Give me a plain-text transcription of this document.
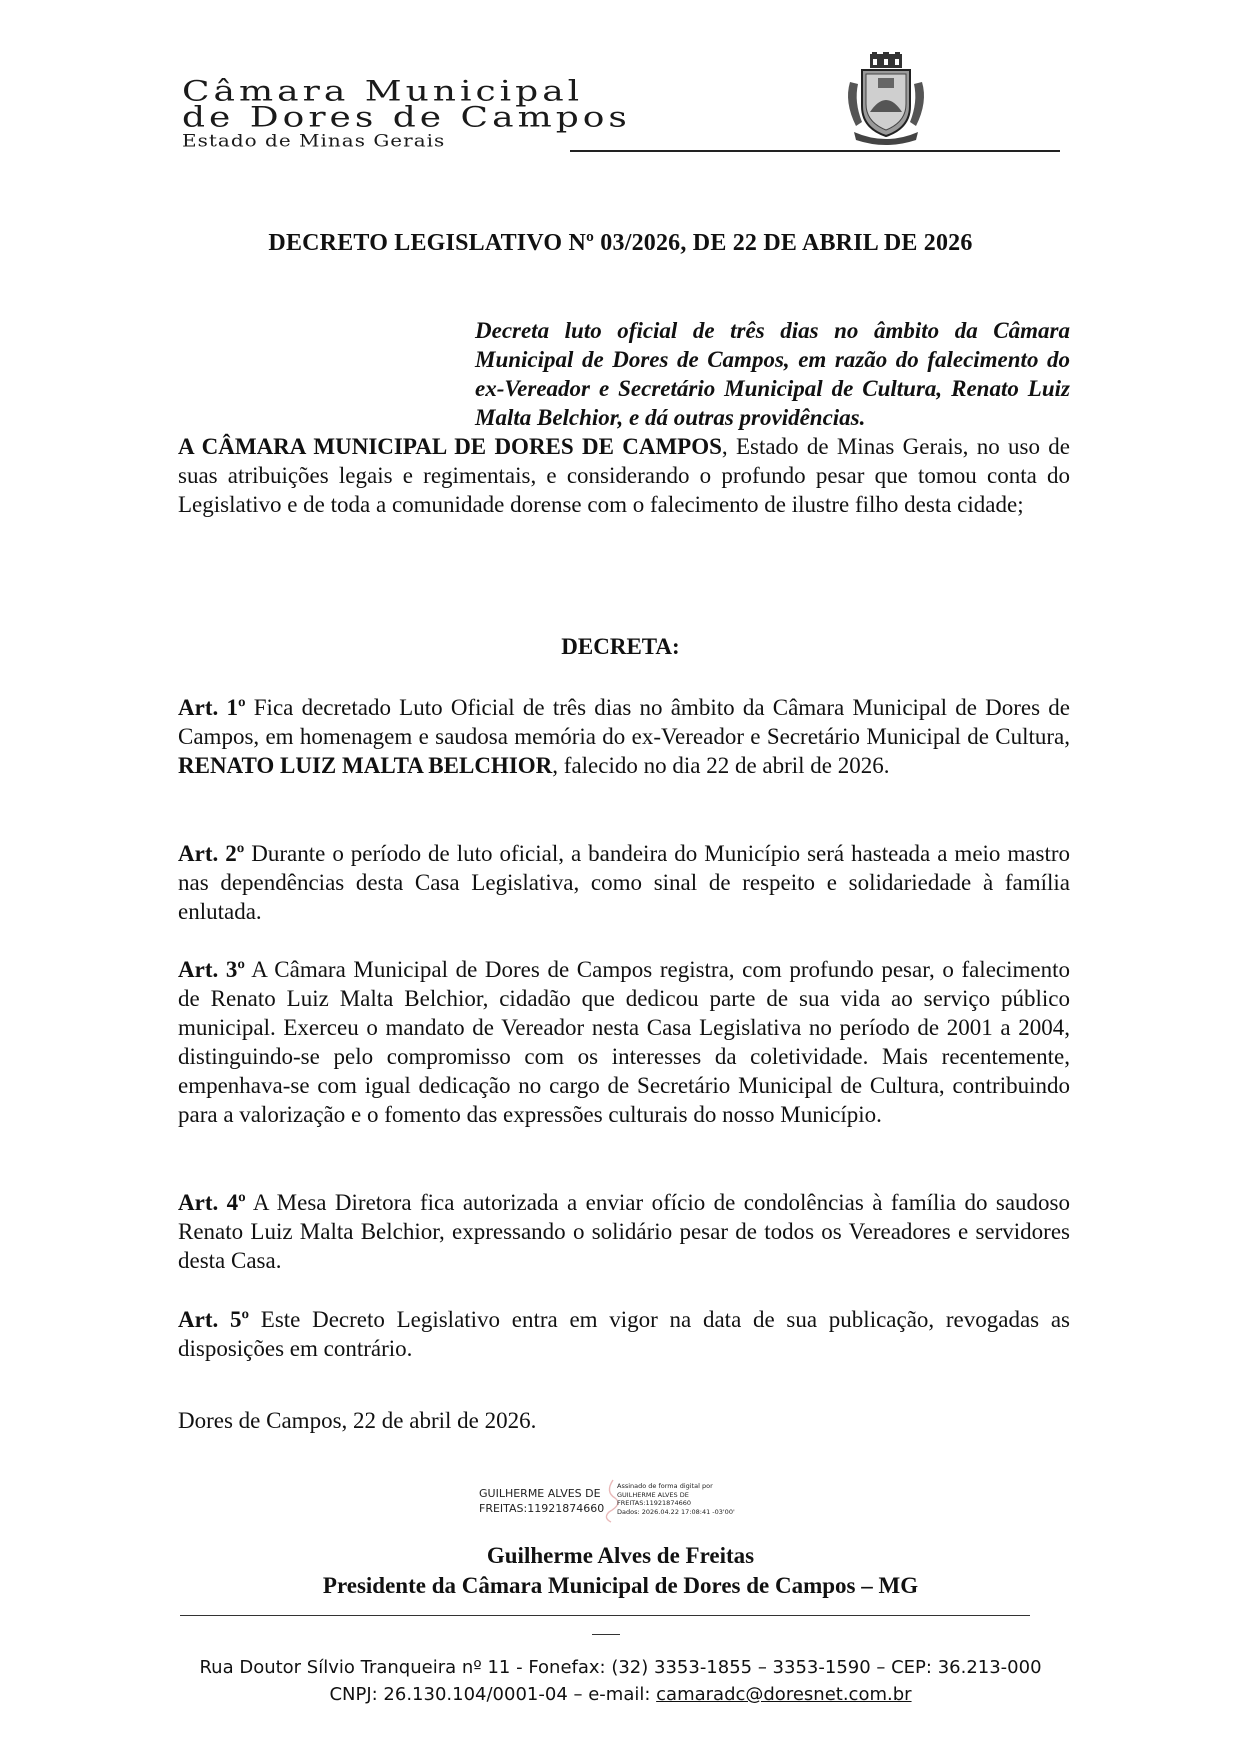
Câmara Municipal
de Dores de Campos
Estado de Minas Gerais
DECRETO LEGISLATIVO Nº 03/2026, DE 22 DE ABRIL DE 2026
Decreta luto oficial de três dias no âmbito da Câmara Municipal de Dores de Campos, em razão do falecimento do ex-Vereador e Secretário Municipal de Cultura, Renato Luiz Malta Belchior, e dá outras providências.
A CÂMARA MUNICIPAL DE DORES DE CAMPOS, Estado de Minas Gerais, no uso de suas atribuições legais e regimentais, e considerando o profundo pesar que tomou conta do Legislativo e de toda a comunidade dorense com o falecimento de ilustre filho desta cidade;
DECRETA:
Art. 1º Fica decretado Luto Oficial de três dias no âmbito da Câmara Municipal de Dores de Campos, em homenagem e saudosa memória do ex-Vereador e Secretário Municipal de Cultura, RENATO LUIZ MALTA BELCHIOR, falecido no dia 22 de abril de 2026.
Art. 2º Durante o período de luto oficial, a bandeira do Município será hasteada a meio mastro nas dependências desta Casa Legislativa, como sinal de respeito e solidariedade à família enlutada.
Art. 3º A Câmara Municipal de Dores de Campos registra, com profundo pesar, o falecimento de Renato Luiz Malta Belchior, cidadão que dedicou parte de sua vida ao serviço público municipal. Exerceu o mandato de Vereador nesta Casa Legislativa no período de 2001 a 2004, distinguindo-se pelo compromisso com os interesses da coletividade. Mais recentemente, empenhava-se com igual dedicação no cargo de Secretário Municipal de Cultura, contribuindo para a valorização e o fomento das expressões culturais do nosso Município.
Art. 4º A Mesa Diretora fica autorizada a enviar ofício de condolências à família do saudoso Renato Luiz Malta Belchior, expressando o solidário pesar de todos os Vereadores e servidores desta Casa.
Art. 5º Este Decreto Legislativo entra em vigor na data de sua publicação, revogadas as disposições em contrário.
Dores de Campos, 22 de abril de 2026.
GUILHERME ALVES DE
FREITAS:11921874660
Assinado de forma digital por
GUILHERME ALVES DE
FREITAS:11921874660
Dados: 2026.04.22 17:08:41 -03'00'
Guilherme Alves de Freitas
Presidente da Câmara Municipal de Dores de Campos – MG
Rua Doutor Sílvio Tranqueira nº 11 - Fonefax: (32) 3353-1855 – 3353-1590 – CEP: 36.213-000
CNPJ: 26.130.104/0001-04 – e-mail: camaradc@doresnet.com.br
